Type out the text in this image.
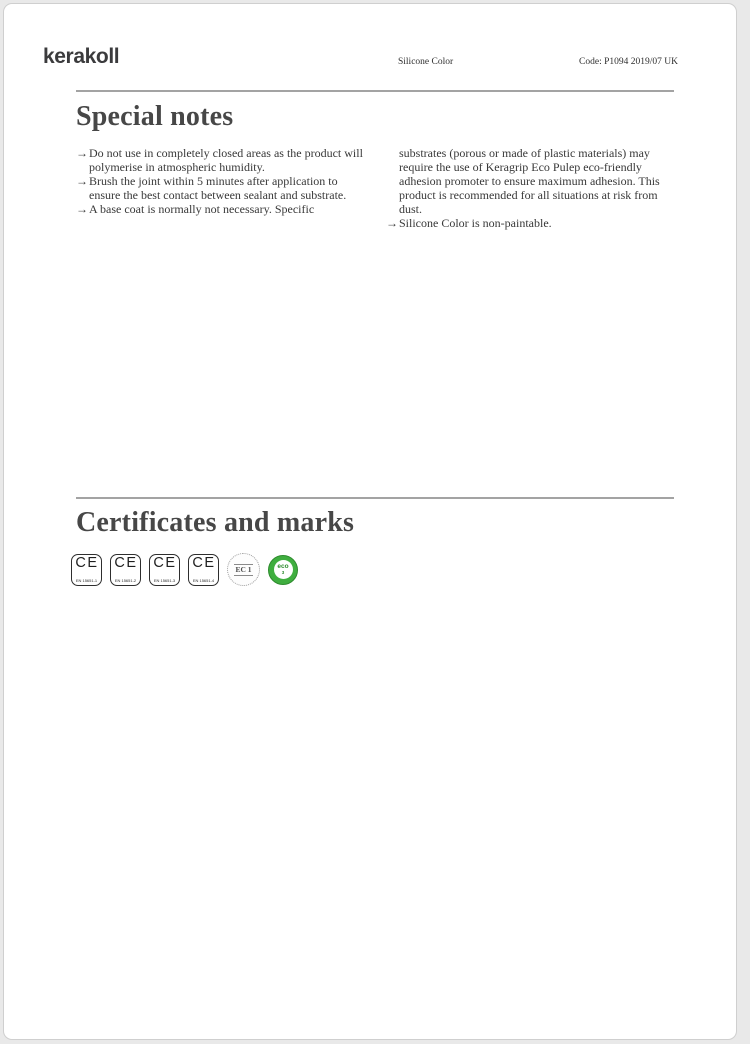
kerakoll	Silicone Color	Code: P1094 2019/07 UK
Special notes
→Do not use in completely closed areas as the product will polymerise in atmospheric humidity.
→Brush the joint within 5 minutes after application to ensure the best contact between sealant and substrate.
→A base coat is normally not necessary. Specific
substrates (porous or made of plastic materials) may require the use of Keragrip Eco Pulep eco-friendly adhesion promoter to ensure maximum adhesion. This product is recommended for all situations at risk from dust.
→Silicone Color is non-paintable.
Certificates and marks
CE
EN 15651-1
CE
EN 15651-2
CE
EN 15651-3
CE
EN 15651-4
EC 1	eco
3
